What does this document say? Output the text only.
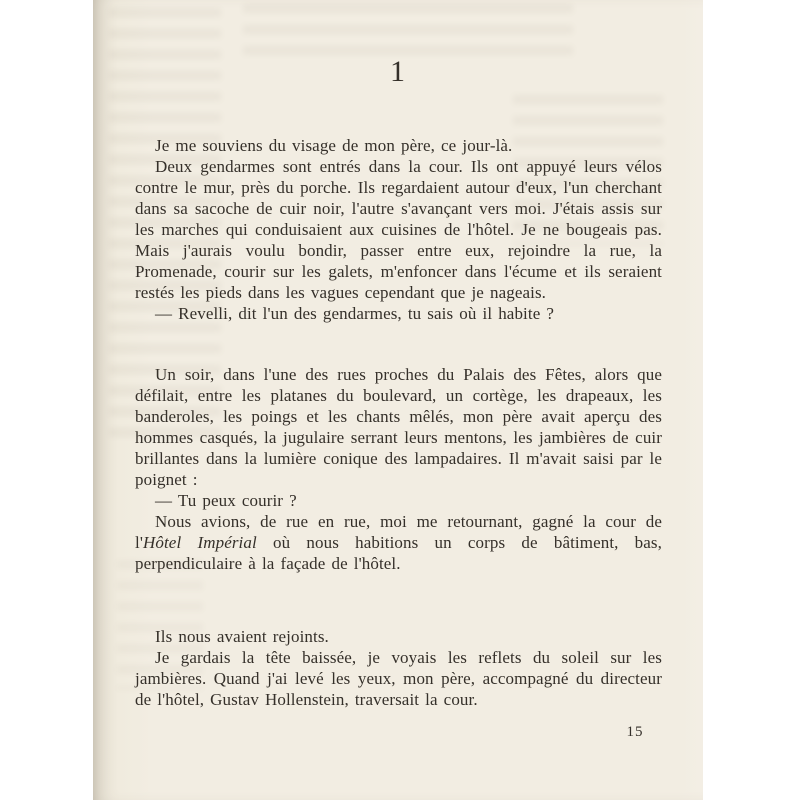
1

Je me souviens du visage de mon père, ce jour-là.

Deux gendarmes sont entrés dans la cour. Ils ont appuyé leurs vélos contre le mur, près du porche. Ils regardaient autour d'eux, l'un cherchant dans sa sacoche de cuir noir, l'autre s'avançant vers moi. J'étais assis sur les marches qui conduisaient aux cuisines de l'hôtel. Je ne bougeais pas. Mais j'aurais voulu bondir, passer entre eux, rejoindre la rue, la Promenade, courir sur les galets, m'enfoncer dans l'écume et ils seraient restés les pieds dans les vagues cependant que je nageais.

— Revelli, dit l'un des gendarmes, tu sais où il habite ?

Un soir, dans l'une des rues proches du Palais des Fêtes, alors que défilait, entre les platanes du boulevard, un cortège, les drapeaux, les banderoles, les poings et les chants mêlés, mon père avait aperçu des hommes casqués, la jugulaire serrant leurs mentons, les jambières de cuir brillantes dans la lumière conique des lampadaires. Il m'avait saisi par le poignet :

— Tu peux courir ?

Nous avions, de rue en rue, moi me retournant, gagné la cour de l'Hôtel Impérial où nous habitions un corps de bâtiment, bas, perpendiculaire à la façade de l'hôtel.

Ils nous avaient rejoints.

Je gardais la tête baissée, je voyais les reflets du soleil sur les jambières. Quand j'ai levé les yeux, mon père, accompagné du directeur de l'hôtel, Gustav Hollenstein, traversait la cour.

15
